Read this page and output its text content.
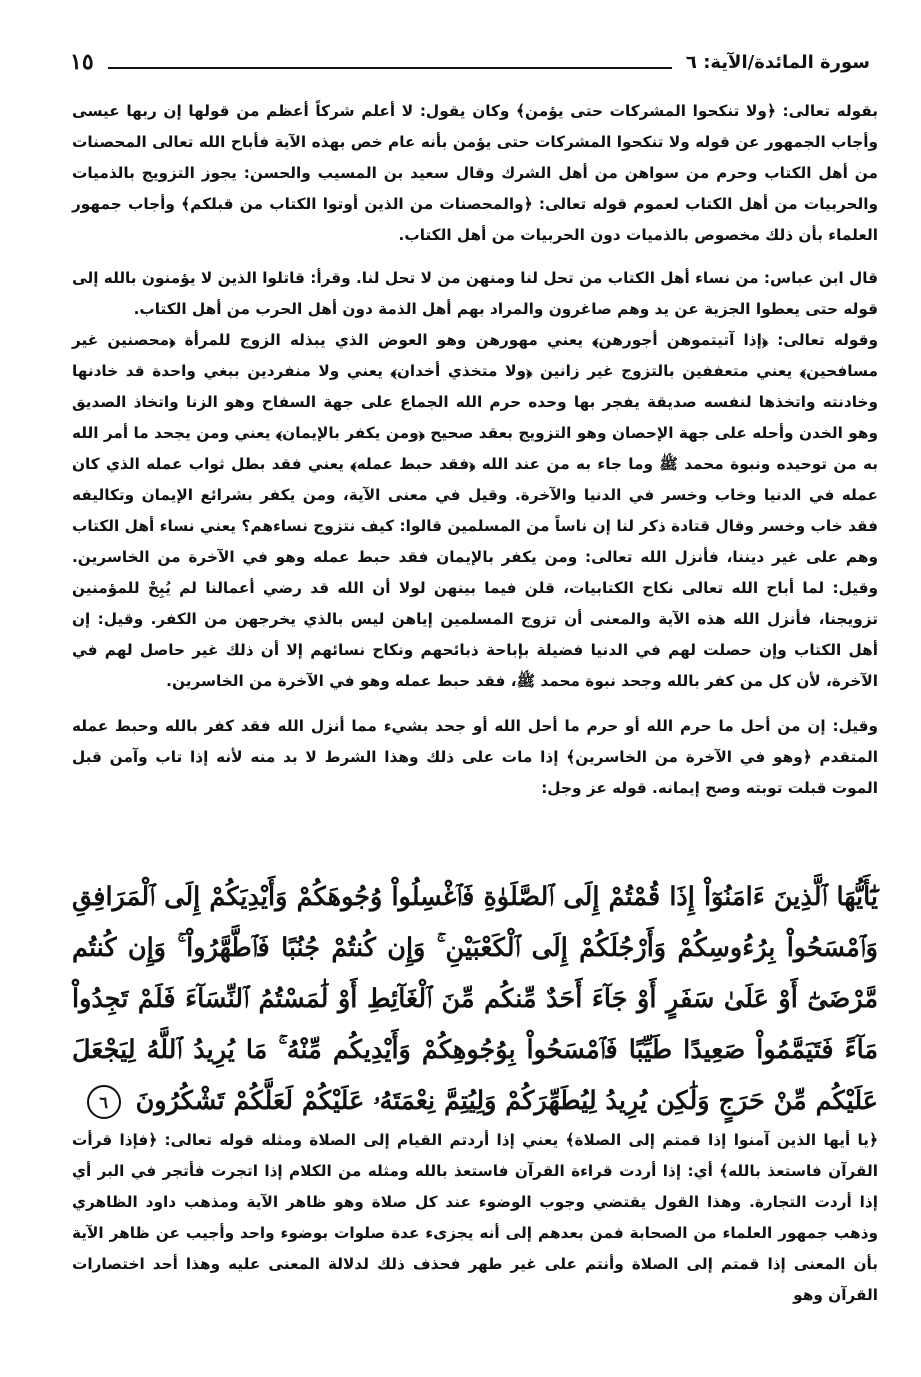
سورة المائدة/الآية: ٦
١٥

بقوله تعالى: ﴿ولا تنكحوا المشركات حتى يؤمن﴾ وكان يقول: لا أعلم شركاً أعظم من قولها إن ربها عيسى وأجاب الجمهور عن قوله ولا تنكحوا المشركات حتى يؤمن بأنه عام خص بهذه الآية فأباح الله تعالى المحصنات من أهل الكتاب وحرم من سواهن من أهل الشرك وقال سعيد بن المسيب والحسن: يجوز التزويج بالذميات والحربيات من أهل الكتاب لعموم قوله تعالى: ﴿والمحصنات من الذين أوتوا الكتاب من قبلكم﴾ وأجاب جمهور العلماء بأن ذلك مخصوص بالذميات دون الحربيات من أهل الكتاب.

قال ابن عباس: من نساء أهل الكتاب من تحل لنا ومنهن من لا تحل لنا. وقرأ: قاتلوا الذين لا يؤمنون بالله إلى قوله حتى يعطوا الجزية عن يد وهم صاغرون والمراد بهم أهل الذمة دون أهل الحرب من أهل الكتاب.

وقوله تعالى: ﴿إذا آتيتموهن أجورهن﴾ يعني مهورهن وهو العوض الذي يبذله الزوج للمرأة ﴿محصنين غير مسافحين﴾ يعني متعففين بالتزوج غير زانين ﴿ولا متخذي أخدان﴾ يعني ولا منفردين ببغي واحدة قد خادنها وخادنته واتخذها لنفسه صديقة يفجر بها وحده حرم الله الجماع على جهة السفاح وهو الزنا واتخاذ الصديق وهو الخدن وأحله على جهة الإحصان وهو التزويج بعقد صحيح ﴿ومن يكفر بالإيمان﴾ يعني ومن يجحد ما أمر الله به من توحيده ونبوة محمد ﷺ وما جاء به من عند الله ﴿فقد حبط عمله﴾ يعني فقد بطل ثواب عمله الذي كان عمله في الدنيا وخاب وخسر في الدنيا والآخرة. وقيل في معنى الآية، ومن يكفر بشرائع الإيمان وتكاليفه فقد خاب وخسر وقال قتادة ذكر لنا إن ناساً من المسلمين قالوا: كيف نتزوج نساءهم؟ يعني نساء أهل الكتاب وهم على غير ديننا، فأنزل الله تعالى: ومن يكفر بالإيمان فقد حبط عمله وهو في الآخرة من الخاسرين. وقيل: لما أباح الله تعالى نكاح الكتابيات، قلن فيما بينهن لولا أن الله قد رضي أعمالنا لم يُبِحْ للمؤمنين تزويجنا، فأنزل الله هذه الآية والمعنى أن تزوج المسلمين إياهن ليس بالذي يخرجهن من الكفر. وقيل: إن أهل الكتاب وإن حصلت لهم في الدنيا فضيلة بإباحة ذبائحهم ونكاح نسائهم إلا أن ذلك غير حاصل لهم في الآخرة، لأن كل من كفر بالله وجحد نبوة محمد ﷺ، فقد حبط عمله وهو في الآخرة من الخاسرين.

وقيل: إن من أحل ما حرم الله أو حرم ما أحل الله أو جحد بشيء مما أنزل الله فقد كفر بالله وحبط عمله المتقدم ﴿وهو في الآخرة من الخاسرين﴾ إذا مات على ذلك وهذا الشرط لا بد منه لأنه إذا تاب وآمن قبل الموت قبلت توبته وصح إيمانه. قوله عز وجل:

يَٰٓأَيُّهَا ٱلَّذِينَ ءَامَنُوٓاْ إِذَا قُمْتُمْ إِلَى ٱلصَّلَوٰةِ فَٱغْسِلُواْ وُجُوهَكُمْ وَأَيْدِيَكُمْ إِلَى ٱلْمَرَافِقِ وَٱمْسَحُواْ بِرُءُوسِكُمْ وَأَرْجُلَكُمْ إِلَى ٱلْكَعْبَيْنِ ۚ وَإِن كُنتُمْ جُنُبًا فَٱطَّهَّرُواْ ۚ وَإِن كُنتُم مَّرْضَىٰٓ أَوْ عَلَىٰ سَفَرٍ أَوْ جَآءَ أَحَدٌ مِّنكُم مِّنَ ٱلْغَآئِطِ أَوْ لَٰمَسْتُمُ ٱلنِّسَآءَ فَلَمْ تَجِدُواْ مَآءً فَتَيَمَّمُواْ صَعِيدًا طَيِّبًا فَٱمْسَحُواْ بِوُجُوهِكُمْ وَأَيْدِيكُم مِّنْهُ ۚ مَا يُرِيدُ ٱللَّهُ لِيَجْعَلَ عَلَيْكُم مِّنْ حَرَجٍ وَلَٰكِن يُرِيدُ لِيُطَهِّرَكُمْ وَلِيُتِمَّ نِعْمَتَهُۥ عَلَيْكُمْ لَعَلَّكُمْ تَشْكُرُونَ ٦

﴿يا أيها الذين آمنوا إذا قمتم إلى الصلاة﴾ يعني إذا أردتم القيام إلى الصلاة ومثله قوله تعالى: ﴿فإذا قرأت القرآن فاستعذ بالله﴾ أي: إذا أردت قراءة القرآن فاستعذ بالله ومثله من الكلام إذا اتجرت فأتجر في البر أي إذا أردت التجارة. وهذا القول يقتضي وجوب الوضوء عند كل صلاة وهو ظاهر الآية ومذهب داود الظاهري وذهب جمهور العلماء من الصحابة فمن بعدهم إلى أنه يجزىء عدة صلوات بوضوء واحد وأجيب عن ظاهر الآية بأن المعنى إذا قمتم إلى الصلاة وأنتم على غير طهر فحذف ذلك لدلالة المعنى عليه وهذا أحد اختصارات القرآن وهو
